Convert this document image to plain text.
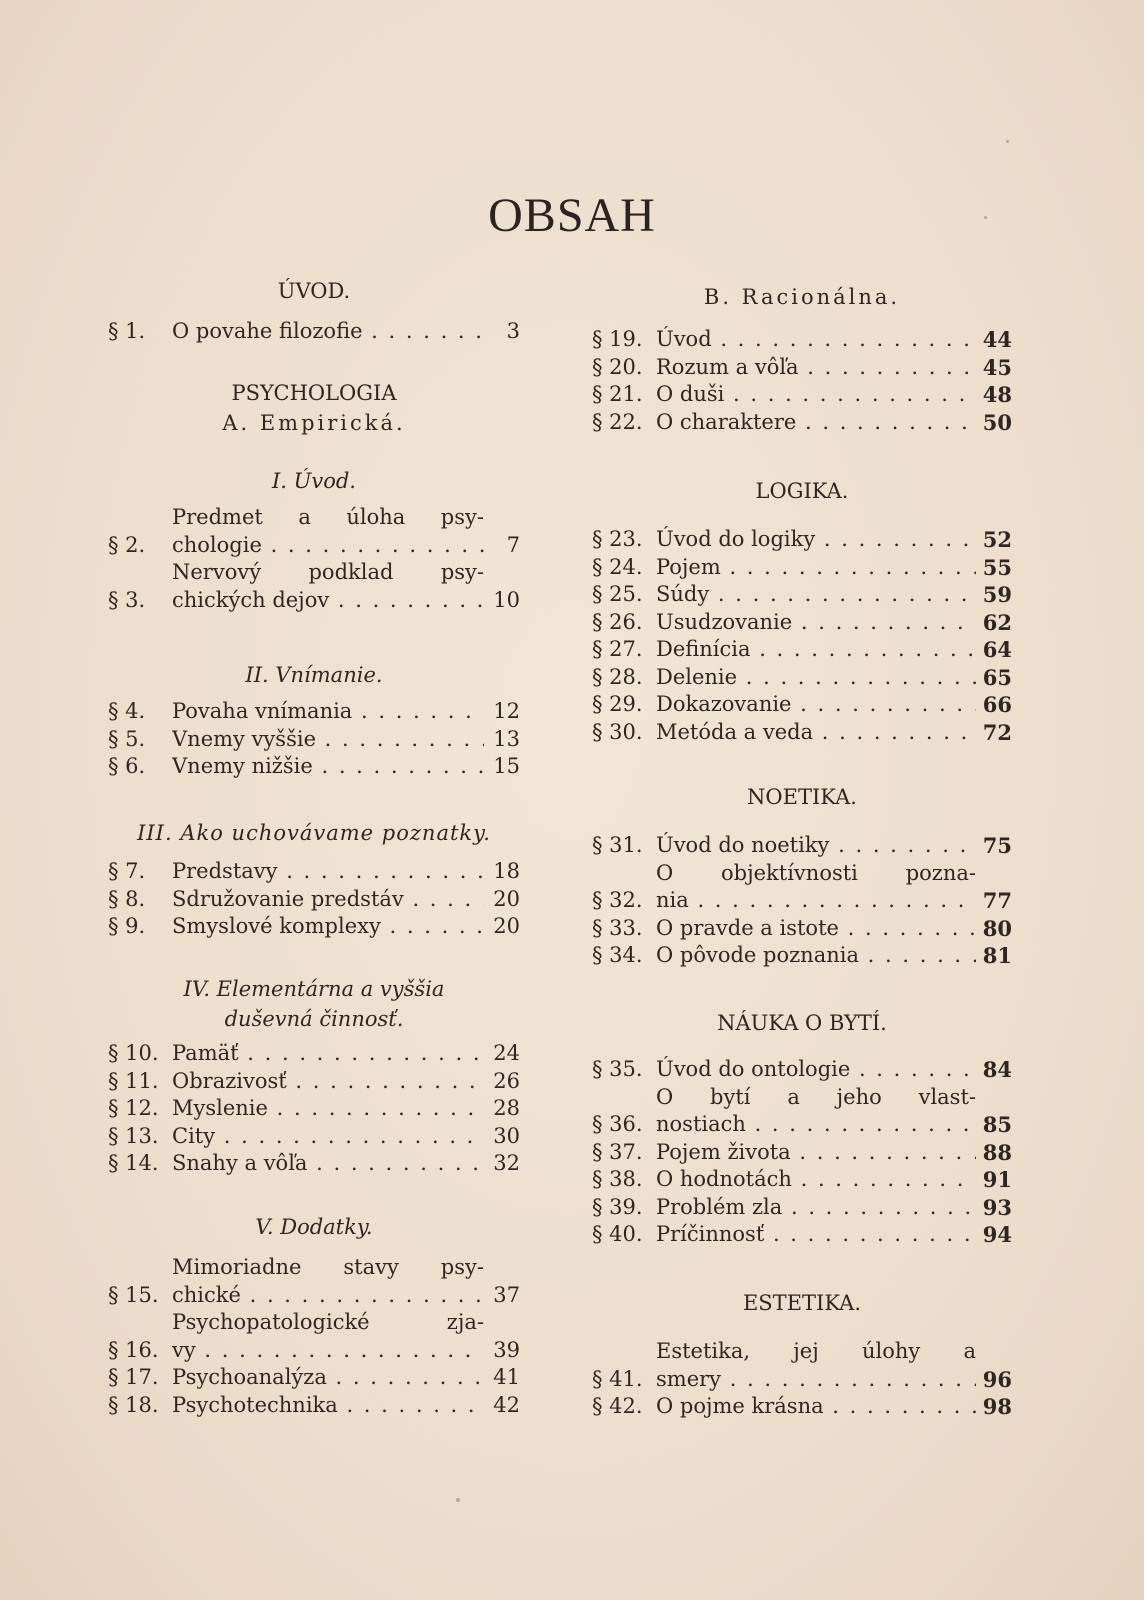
OBSAH
ÚVOD.
§ 1.	O povahe filozofie . . .	3
PSYCHOLOGIA
A. Empirická.
I. Úvod.
§ 2.
Predmet a úloha psy-
chologie . . .	7
§ 3.
Nervový podklad psy-
chických dejov . . .	10
II. Vnímanie.
§ 4.	Povaha vnímania . . .	12
§ 5.	Vnemy vyššie . . .	13
§ 6.	Vnemy nižšie . . .	15
III. Ako uchovávame poznatky.
§ 7.	Predstavy . . .	18
§ 8.	Sdružovanie predstáv . . .	20
§ 9.	Smyslové komplexy . . .	20
IV. Elementárna a vyššia
duševná činnosť.
§ 10. Pamäť . . .	24
§ 11. Obrazivosť . . .	26
§ 12. Myslenie . . .	28
§ 13. City . . .	30
§ 14. Snahy a vôľa . . .	32
V. Dodatky.
§ 15.
Mimoriadne stavy psy-
chické . . .	37
§ 16.
Psychopatologické zja-
vy . . .	39
§ 17. Psychoanalýza . . .	41
§ 18. Psychotechnika . . .	42
B. Racionálna.
§ 19. Úvod . . .	44
§ 20. Rozum a vôľa . . .	45
§ 21. O duši . . .	48
§ 22. O charaktere . . .	50
LOGIKA.
§ 23. Úvod do logiky . . .	52
§ 24. Pojem . . .	55
§ 25. Súdy . . .	59
§ 26. Usudzovanie . . .	62
§ 27. Definícia . . .	64
§ 28. Delenie . . .	65
§ 29. Dokazovanie . . .	66
§ 30. Metóda a veda . . .	72
NOETIKA.
§ 31. Úvod do noetiky . . .	75
§ 32.
O objektívnosti pozna-
nia . . .	77
§ 33. O pravde a istote . . .	80
§ 34. O pôvode poznania . . .	81
NÁUKA O BYTÍ.
§ 35. Úvod do ontologie . . .	84
§ 36.
O bytí a jeho vlast-
nostiach . . .	85
§ 37. Pojem života . . .	88
§ 38. O hodnotách . . .	91
§ 39. Problém zla . . .	93
§ 40. Príčinnosť . . .	94
ESTETIKA.
§ 41.
Estetika, jej úlohy a
smery . . .	96
§ 42. O pojme krásna . . .	98
